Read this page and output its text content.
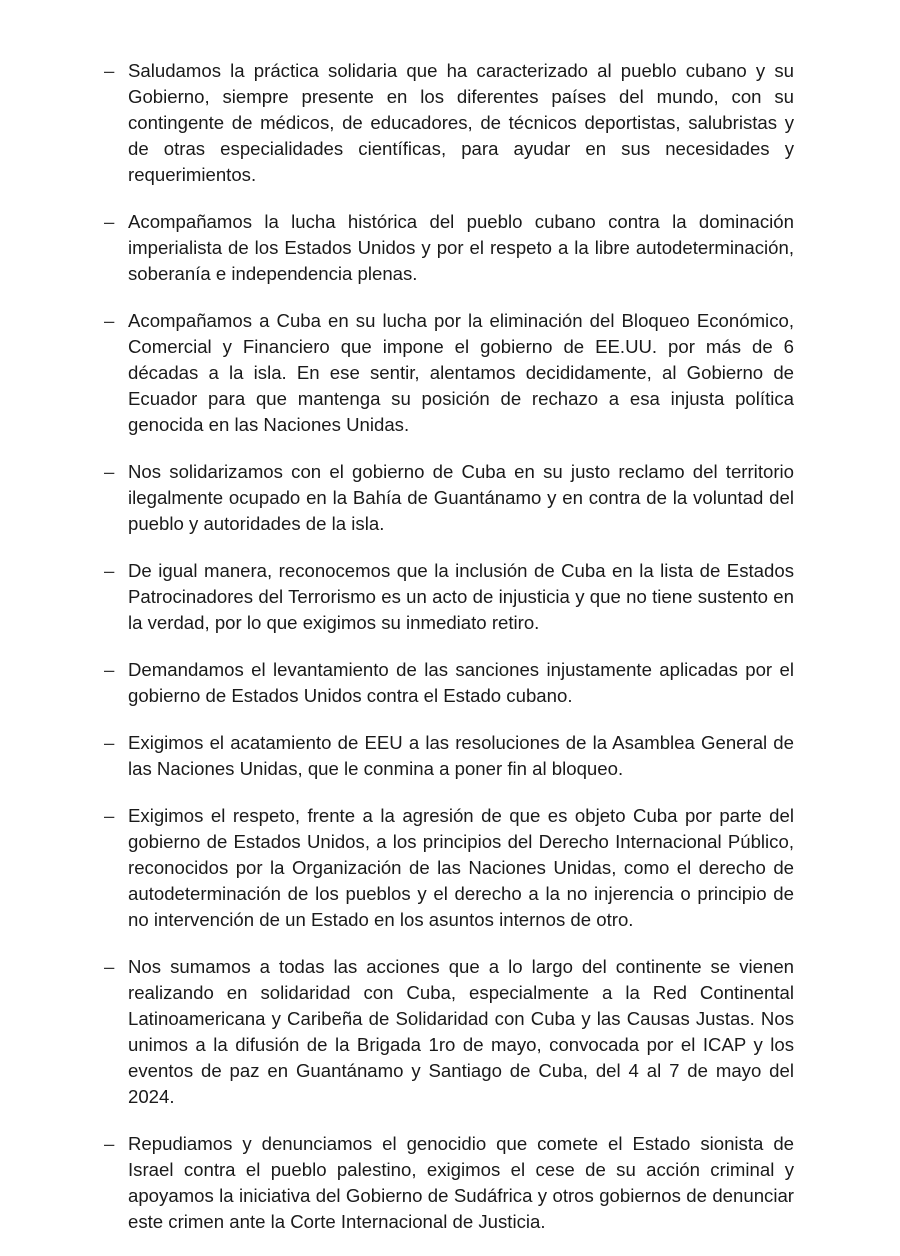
– Saludamos la práctica solidaria que ha caracterizado al pueblo cubano y su Gobierno, siempre presente en los diferentes países del mundo, con su contingente de médicos, de educadores, de técnicos deportistas, salubristas y de otras especialidades científicas, para ayudar en sus necesidades y requerimientos.
– Acompañamos la lucha histórica del pueblo cubano contra la dominación imperialista de los Estados Unidos y por el respeto a la libre autodeterminación, soberanía e independencia plenas.
– Acompañamos a Cuba en su lucha por la eliminación del Bloqueo Económico, Comercial y Financiero que impone el gobierno de EE.UU. por más de 6 décadas a la isla. En ese sentir, alentamos decididamente, al Gobierno de Ecuador para que mantenga su posición de rechazo a esa injusta política genocida en las Naciones Unidas.
– Nos solidarizamos con el gobierno de Cuba en su justo reclamo del territorio ilegalmente ocupado en la Bahía de Guantánamo y en contra de la voluntad del pueblo y autoridades de la isla.
– De igual manera, reconocemos que la inclusión de Cuba en la lista de Estados Patrocinadores del Terrorismo es un acto de injusticia y que no tiene sustento en la verdad, por lo que exigimos su inmediato retiro.
– Demandamos el levantamiento de las sanciones injustamente aplicadas por el gobierno de Estados Unidos contra el Estado cubano.
– Exigimos el acatamiento de EEU a las resoluciones de la Asamblea General de las Naciones Unidas, que le conmina a poner fin al bloqueo.
– Exigimos el respeto, frente a la agresión de que es objeto Cuba por parte del gobierno de Estados Unidos, a los principios del Derecho Internacional Público, reconocidos por la Organización de las Naciones Unidas, como el derecho de autodeterminación de los pueblos y el derecho a la no injerencia o principio de no intervención de un Estado en los asuntos internos de otro.
– Nos sumamos a todas las acciones que a lo largo del continente se vienen realizando en solidaridad con Cuba, especialmente a la Red Continental Latinoamericana y Caribeña de Solidaridad con Cuba y las Causas Justas. Nos unimos a la difusión de la Brigada 1ro de mayo, convocada por el ICAP y los eventos de paz en Guantánamo y Santiago de Cuba, del 4 al 7 de mayo del 2024.
– Repudiamos y denunciamos el genocidio que comete el Estado sionista de Israel contra el pueblo palestino, exigimos el cese de su acción criminal y apoyamos la iniciativa del Gobierno de Sudáfrica y otros gobiernos de denunciar este crimen ante la Corte Internacional de Justicia.
